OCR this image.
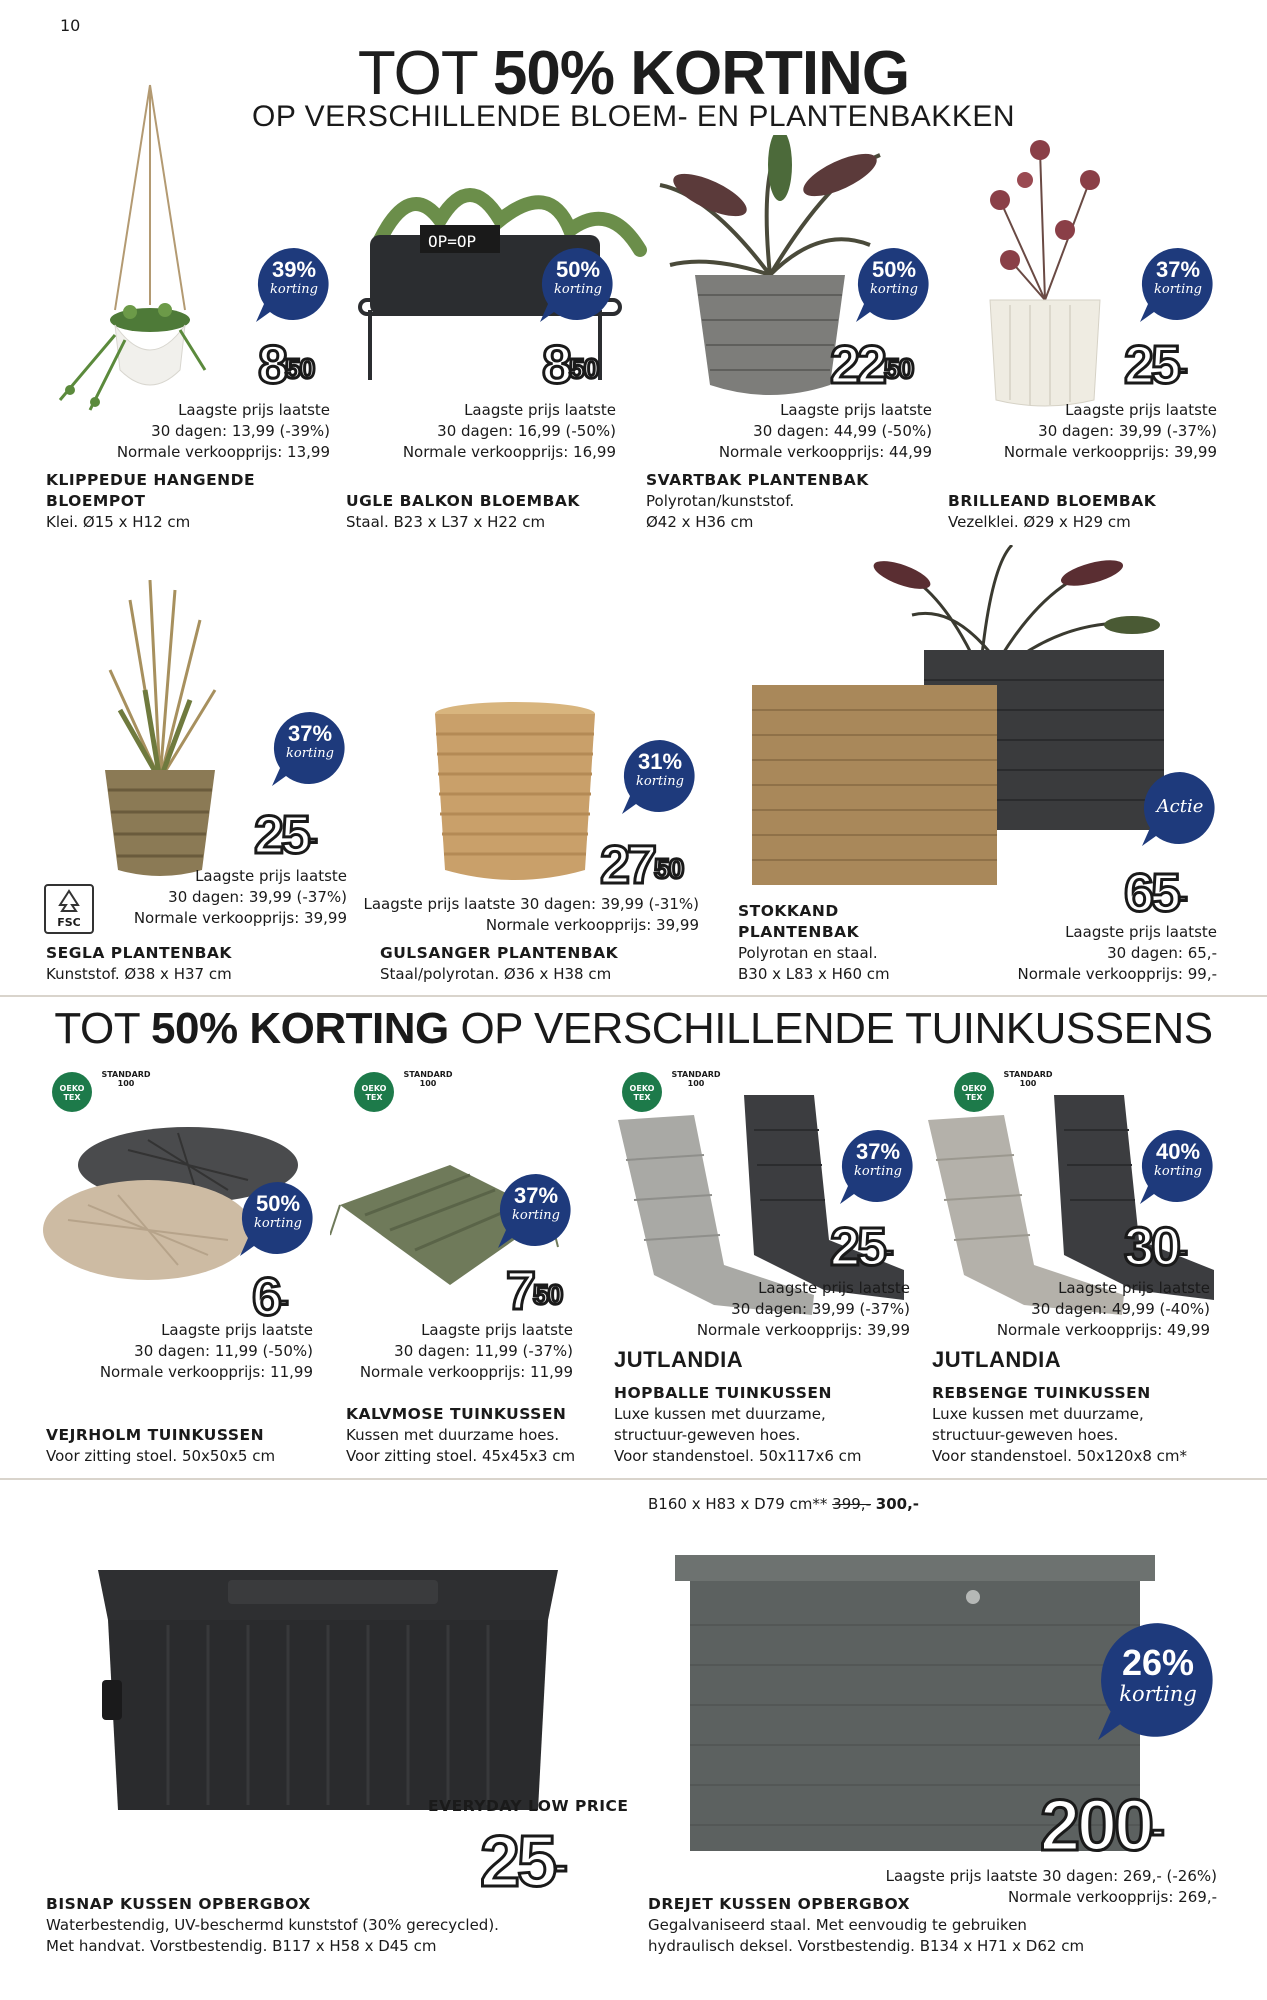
10
TOT 50% KORTING
OP VERSCHILLENDE BLOEM- EN PLANTENBAKKEN
39%
korting
$8^{50}$
Laagste prijs laatste
30 dagen: 13,99 (-39%)
Normale verkoopprijs: 13,99
KLIPPEDUE HANGENDE
BLOEMPOT
Klei. Ø15 x H12 cm
OP=OP
50%
korting
$8^{50}$
Laagste prijs laatste
30 dagen: 16,99 (-50%)
Normale verkoopprijs: 16,99
UGLE BALKON BLOEMBAK
Staal. B23 x L37 x H22 cm
50%
korting
$22^{50}$
Laagste prijs laatste
30 dagen: 44,99 (-50%)
Normale verkoopprijs: 44,99
SVARTBAK PLANTENBAK
Polyrotan/kunststof.
Ø42 x H36 cm
37%
korting
25-
Laagste prijs laatste
30 dagen: 39,99 (-37%)
Normale verkoopprijs: 39,99
BRILLEAND BLOEMBAK
Vezelklei. Ø29 x H29 cm
37%
korting
25-
Laagste prijs laatste
30 dagen: 39,99 (-37%)
Normale verkoopprijs: 39,99
FSC
SEGLA PLANTENBAK
Kunststof. Ø38 x H37 cm
31%
korting
$27^{50}$
Laagste prijs laatste 30 dagen: 39,99 (-31%)
Normale verkoopprijs: 39,99
GULSANGER PLANTENBAK
Staal/polyrotan. Ø36 x H38 cm
Actie
65-
Laagste prijs laatste
30 dagen: 65,-
Normale verkoopprijs: 99,-
STOKKAND
PLANTENBAK
Polyrotan en staal.
B30 x L83 x H60 cm
TOT 50% KORTING OP VERSCHILLENDE TUINKUSSENS
OEKO TEX
STANDARD 100
OEKO TEX
STANDARD 100
OEKO TEX
STANDARD 100
OEKO TEX
STANDARD 100
50%
korting
6-
Laagste prijs laatste
30 dagen: 11,99 (-50%)
Normale verkoopprijs: 11,99
VEJRHOLM TUINKUSSEN
Voor zitting stoel. 50x50x5 cm
37%
korting
$7^{50}$
Laagste prijs laatste
30 dagen: 11,99 (-37%)
Normale verkoopprijs: 11,99
KALVMOSE TUINKUSSEN
Kussen met duurzame hoes.
Voor zitting stoel. 45x45x3 cm
37%
korting
25-
Laagste prijs laatste
30 dagen: 39,99 (-37%)
Normale verkoopprijs: 39,99
JUTLANDIA
HOPBALLE TUINKUSSEN
Luxe kussen met duurzame,
structuur-geweven hoes.
Voor standenstoel. 50x117x6 cm
40%
korting
30-
Laagste prijs laatste
30 dagen: 49,99 (-40%)
Normale verkoopprijs: 49,99
JUTLANDIA
REBSENGE TUINKUSSEN
Luxe kussen met duurzame,
structuur-geweven hoes.
Voor standenstoel. 50x120x8 cm*
B160 x H83 x D79 cm** 399,- 300,-
EVERYDAY LOW PRICE
25-
BISNAP KUSSEN OPBERGBOX
Waterbestendig, UV-beschermd kunststof (30% gerecycled).
Met handvat. Vorstbestendig. B117 x H58 x D45 cm
26%
korting
200-
Laagste prijs laatste 30 dagen: 269,- (-26%)
Normale verkoopprijs: 269,-
DREJET KUSSEN OPBERGBOX
Gegalvaniseerd staal. Met eenvoudig te gebruiken
hydraulisch deksel. Vorstbestendig. B134 x H71 x D62 cm
